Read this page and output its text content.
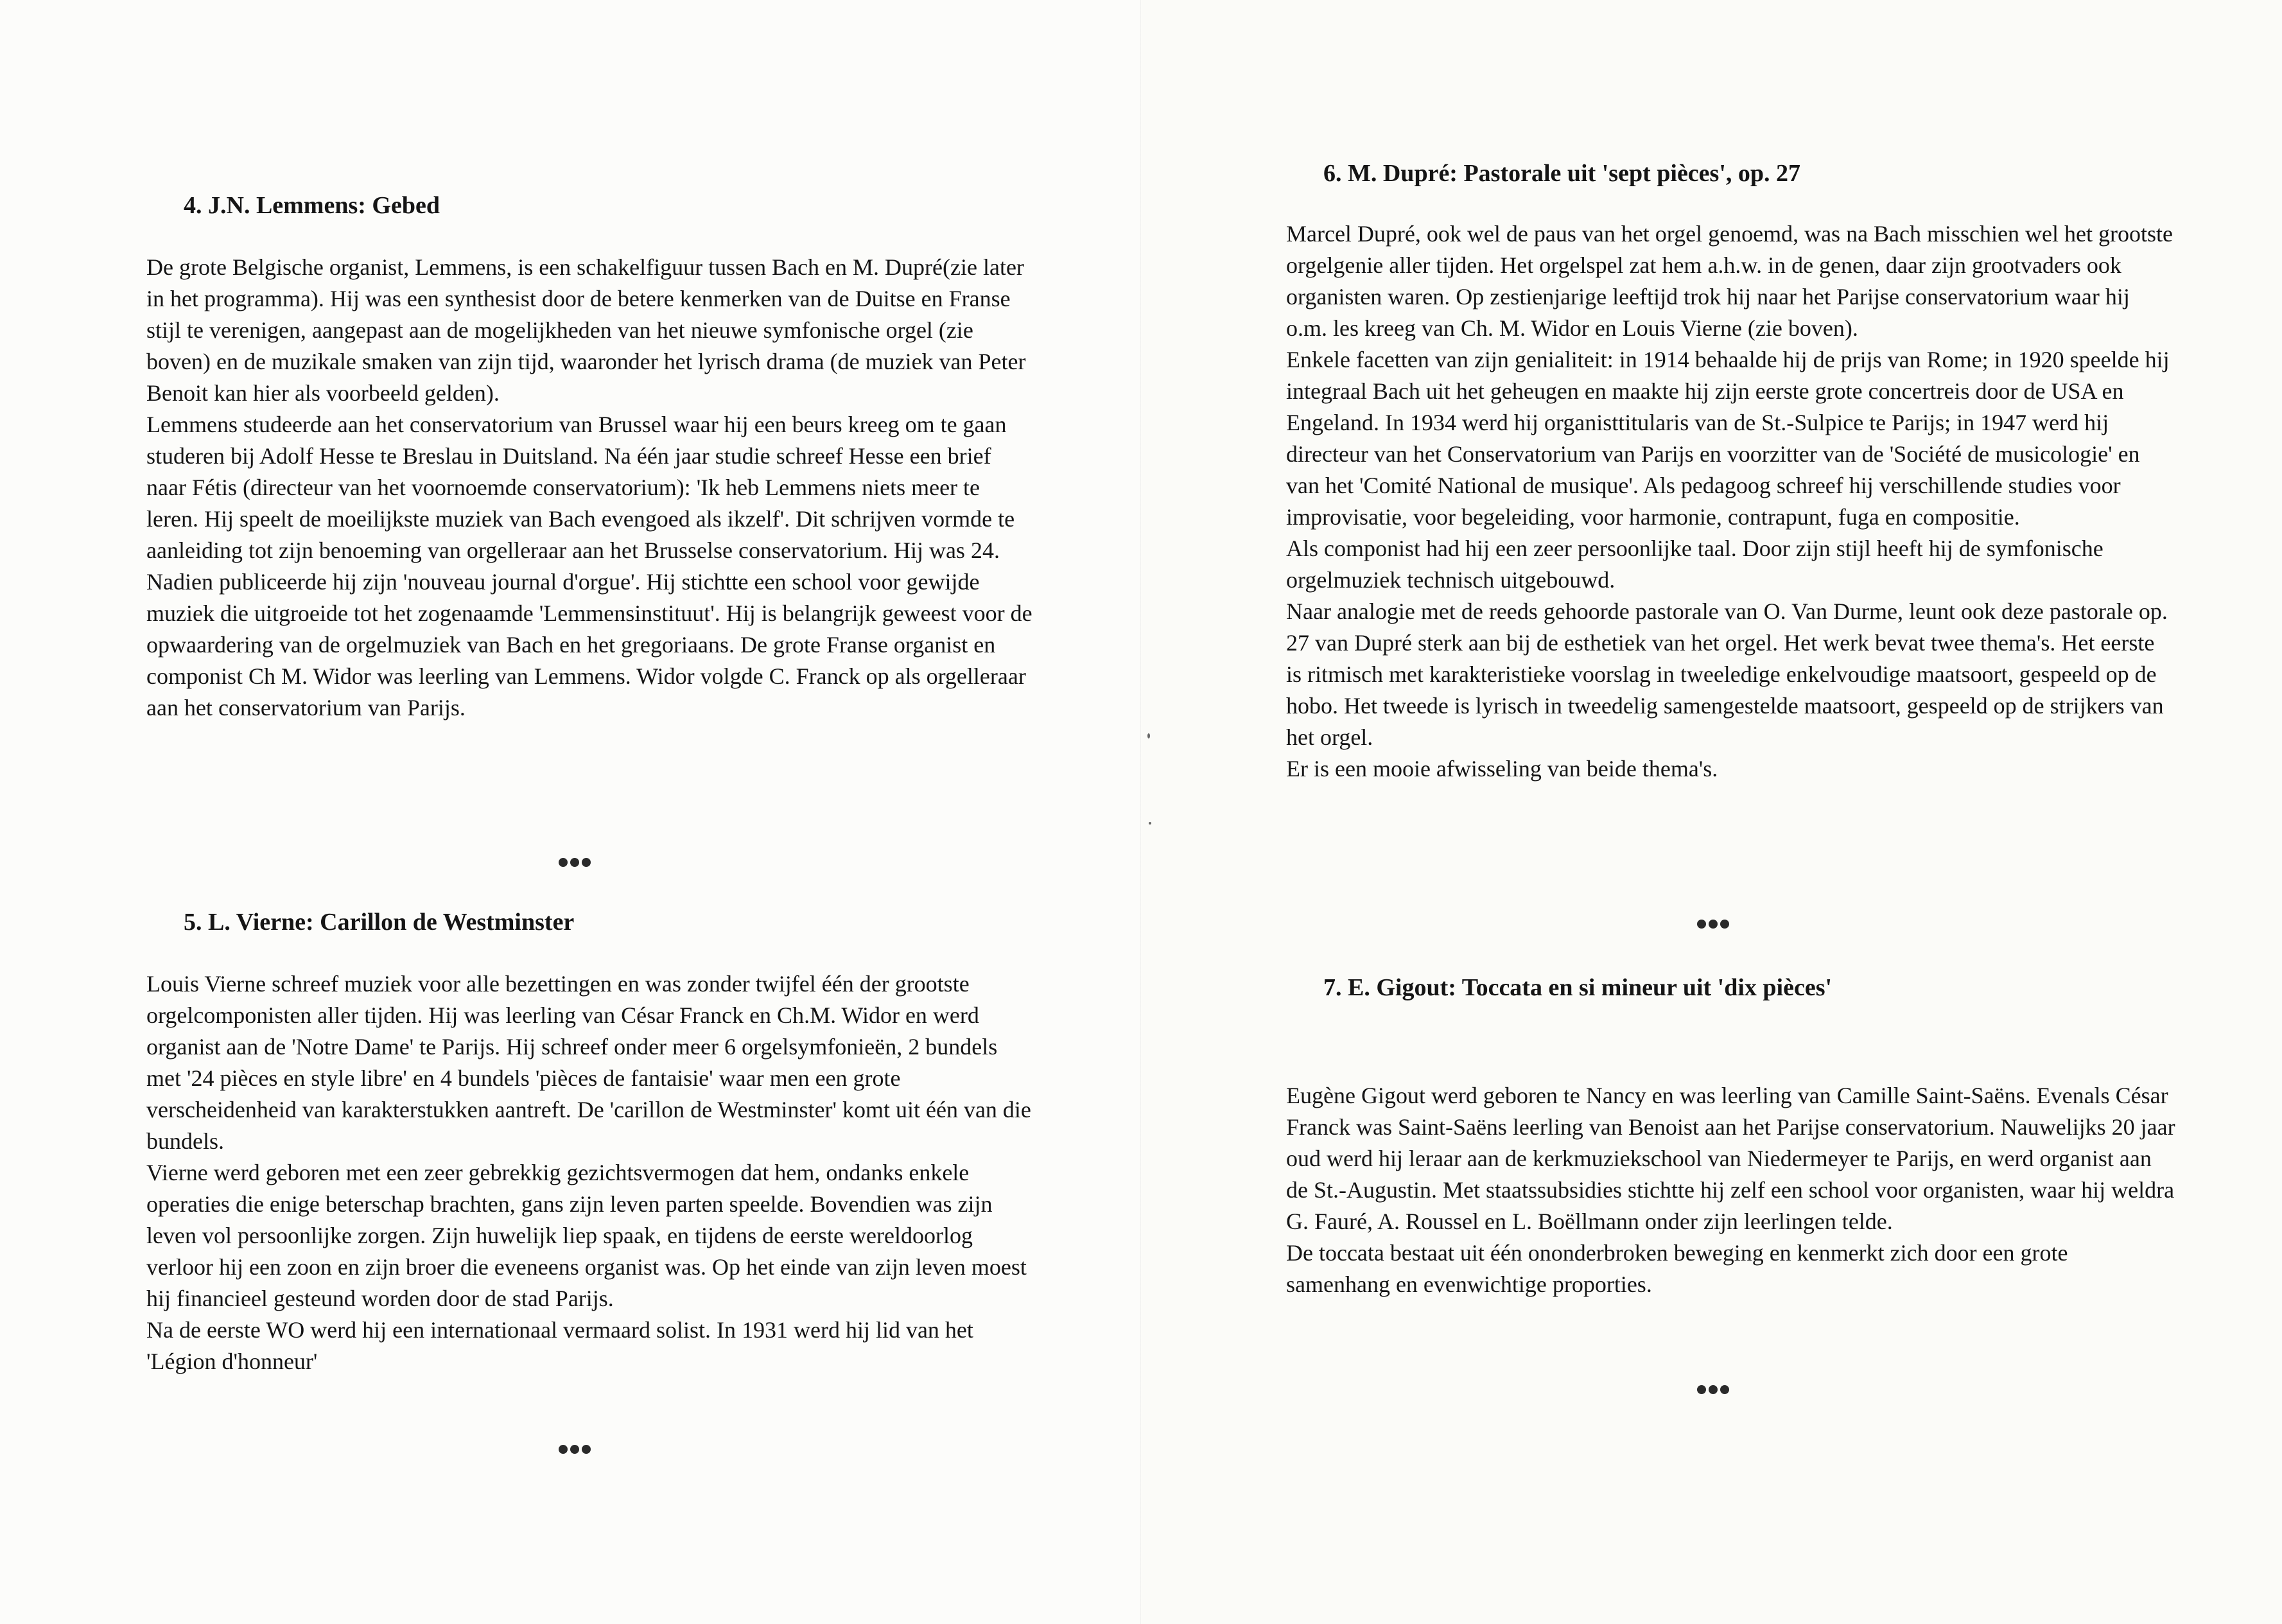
4. J.N. Lemmens: Gebed

De grote Belgische organist, Lemmens, is een schakelfiguur tussen Bach en M. Dupré(zie later in het programma). Hij was een synthesist door de betere kenmerken van de Duitse en Franse stijl te verenigen, aangepast aan de mogelijkheden van het nieuwe symfonische orgel (zie boven) en de muzikale smaken van zijn tijd, waaronder het lyrisch drama (de muziek van Peter Benoit kan hier als voorbeeld gelden).

Lemmens studeerde aan het conservatorium van Brussel waar hij een beurs kreeg om te gaan studeren bij Adolf Hesse te Breslau in Duitsland. Na één jaar studie schreef Hesse een brief naar Fétis (directeur van het voornoemde conservatorium): 'Ik heb Lemmens niets meer te leren. Hij speelt de moeilijkste muziek van Bach evengoed als ikzelf'. Dit schrijven vormde te aanleiding tot zijn benoeming van orgelleraar aan het Brusselse conservatorium. Hij was 24. Nadien publiceerde hij zijn 'nouveau journal d'orgue'. Hij stichtte een school voor gewijde muziek die uitgroeide tot het zogenaamde 'Lemmensinstituut'. Hij is belangrijk geweest voor de opwaardering van de orgelmuziek van Bach en het gregoriaans. De grote Franse organist en componist Ch M. Widor was leerling van Lemmens. Widor volgde C. Franck op als orgelleraar aan het conservatorium van Parijs.

5. L. Vierne: Carillon de Westminster

Louis Vierne schreef muziek voor alle bezettingen en was zonder twijfel één der grootste orgelcomponisten aller tijden. Hij was leerling van César Franck en Ch.M. Widor en werd organist aan de 'Notre Dame' te Parijs. Hij schreef onder meer 6 orgelsymfonieën, 2 bundels met '24 pièces en style libre' en 4 bundels 'pièces de fantaisie' waar men een grote verscheidenheid van karakterstukken aantreft. De 'carillon de Westminster' komt uit één van die bundels.

Vierne werd geboren met een zeer gebrekkig gezichtsvermogen dat hem, ondanks enkele operaties die enige beterschap brachten, gans zijn leven parten speelde. Bovendien was zijn leven vol persoonlijke zorgen. Zijn huwelijk liep spaak, en tijdens de eerste wereldoorlog verloor hij een zoon en zijn broer die eveneens organist was. Op het einde van zijn leven moest hij financieel gesteund worden door de stad Parijs.

Na de eerste WO werd hij een internationaal vermaard solist. In 1931 werd hij lid van het 'Légion d'honneur'

6. M. Dupré: Pastorale uit 'sept pièces', op. 27

Marcel Dupré, ook wel de paus van het orgel genoemd, was na Bach misschien wel het grootste orgelgenie aller tijden. Het orgelspel zat hem a.h.w. in de genen, daar zijn grootvaders ook organisten waren. Op zestienjarige leeftijd trok hij naar het Parijse conservatorium waar hij o.m. les kreeg van Ch. M. Widor en Louis Vierne (zie boven).

Enkele facetten van zijn genialiteit: in 1914 behaalde hij de prijs van Rome; in 1920 speelde hij integraal Bach uit het geheugen en maakte hij zijn eerste grote concertreis door de USA en Engeland. In 1934 werd hij organisttitularis van de St.-Sulpice te Parijs; in 1947 werd hij directeur van het Conservatorium van Parijs en voorzitter van de 'Société de musicologie' en van het 'Comité National de musique'. Als pedagoog schreef hij verschillende studies voor improvisatie, voor begeleiding, voor harmonie, contrapunt, fuga en compositie.

Als componist had hij een zeer persoonlijke taal. Door zijn stijl heeft hij de symfonische orgelmuziek technisch uitgebouwd.

Naar analogie met de reeds gehoorde pastorale van O. Van Durme, leunt ook deze pastorale op. 27 van Dupré sterk aan bij de esthetiek van het orgel. Het werk bevat twee thema's. Het eerste is ritmisch met karakteristieke voorslag in tweeledige enkelvoudige maatsoort, gespeeld op de hobo. Het tweede is lyrisch in tweedelig samengestelde maatsoort, gespeeld op de strijkers van het orgel.

Er is een mooie afwisseling van beide thema's.

7. E. Gigout: Toccata en si mineur uit 'dix pièces'

Eugène Gigout werd geboren te Nancy en was leerling van Camille Saint-Saëns. Evenals César Franck was Saint-Saëns leerling van Benoist aan het Parijse conservatorium. Nauwelijks 20 jaar oud werd hij leraar aan de kerkmuziekschool van Niedermeyer te Parijs, en werd organist aan de St.-Augustin. Met staatssubsidies stichtte hij zelf een school voor organisten, waar hij weldra G. Fauré, A. Roussel en L. Boëllmann onder zijn leerlingen telde.

De toccata bestaat uit één ononderbroken beweging en kenmerkt zich door een grote samenhang en evenwichtige proporties.
